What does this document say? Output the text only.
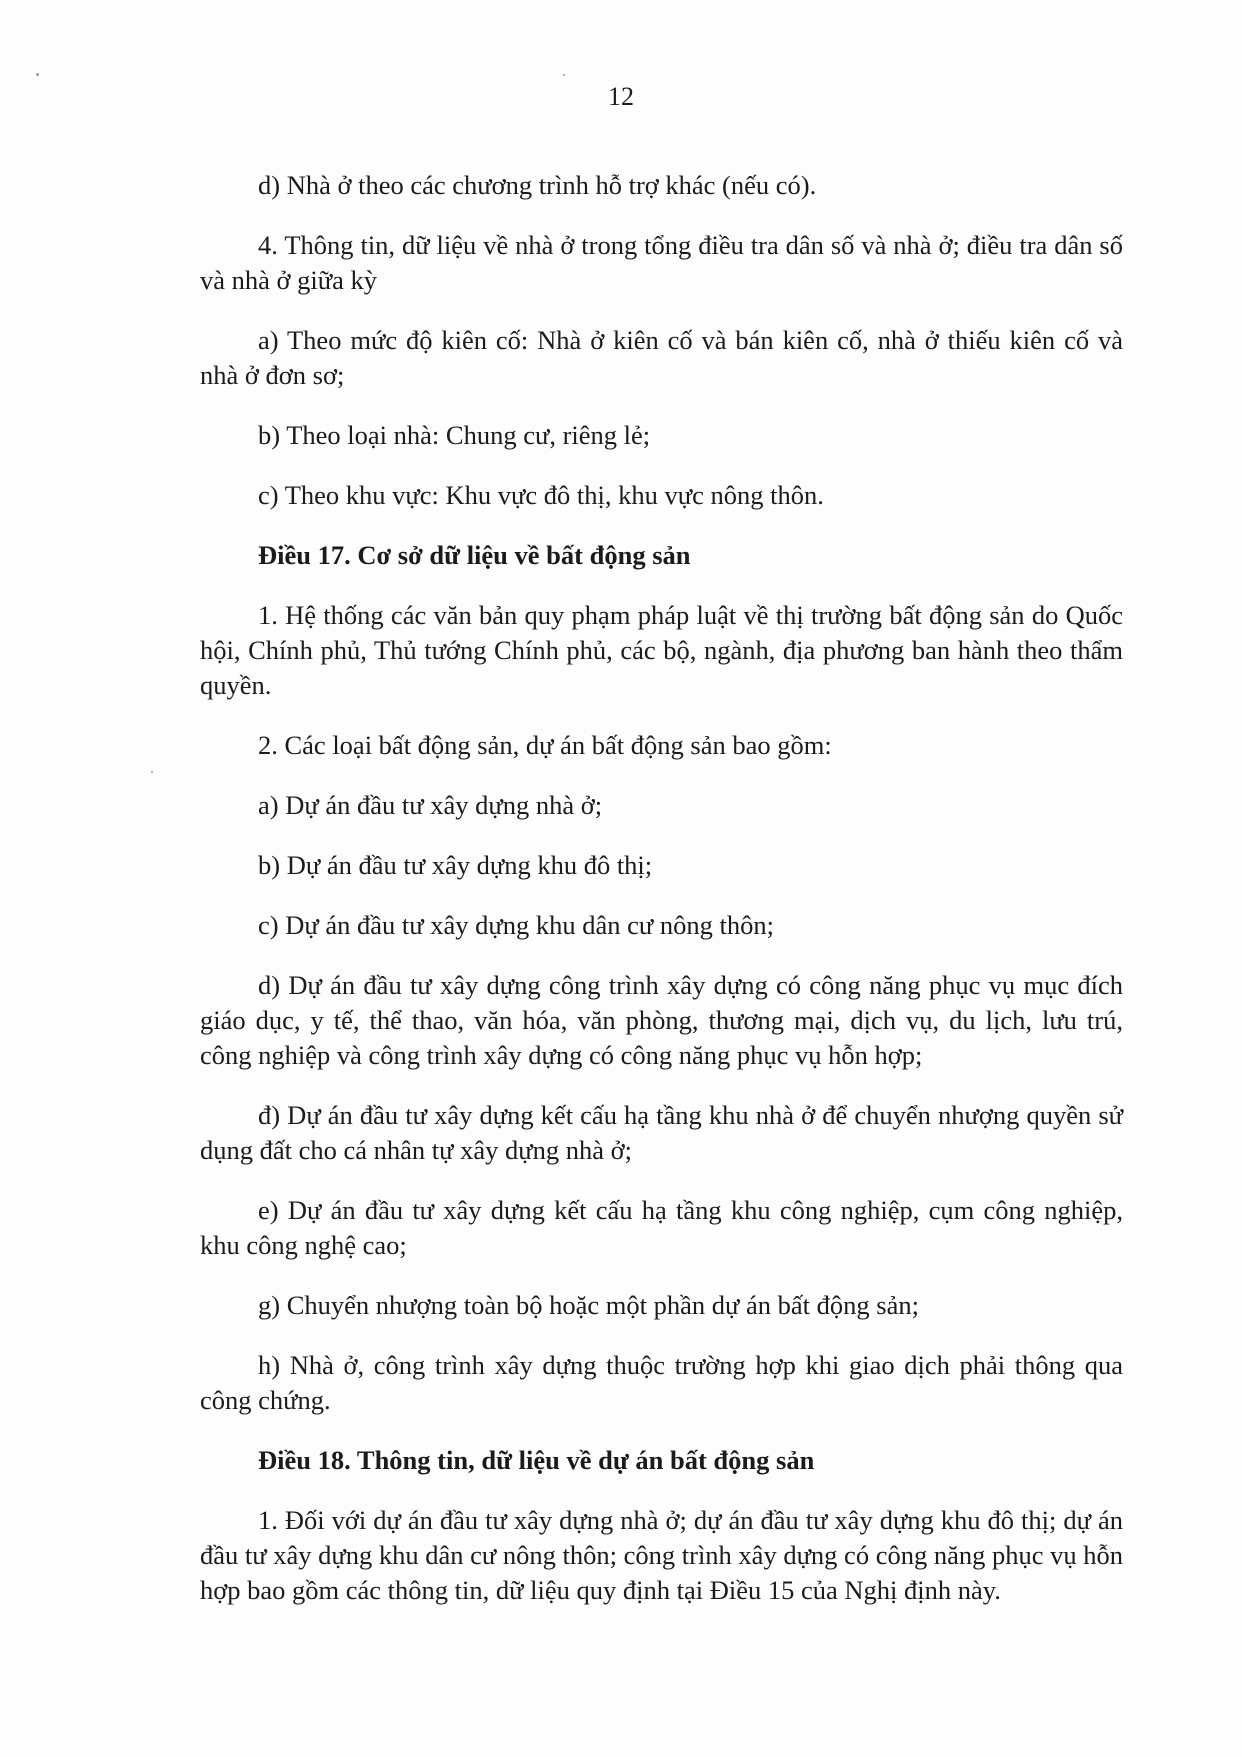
12

d) Nhà ở theo các chương trình hỗ trợ khác (nếu có).

4. Thông tin, dữ liệu về nhà ở trong tổng điều tra dân số và nhà ở; điều tra dân số và nhà ở giữa kỳ

a) Theo mức độ kiên cố: Nhà ở kiên cố và bán kiên cố, nhà ở thiếu kiên cố và nhà ở đơn sơ;

b) Theo loại nhà: Chung cư, riêng lẻ;

c) Theo khu vực: Khu vực đô thị, khu vực nông thôn.

Điều 17. Cơ sở dữ liệu về bất động sản

1. Hệ thống các văn bản quy phạm pháp luật về thị trường bất động sản do Quốc hội, Chính phủ, Thủ tướng Chính phủ, các bộ, ngành, địa phương ban hành theo thẩm quyền.

2. Các loại bất động sản, dự án bất động sản bao gồm:

a) Dự án đầu tư xây dựng nhà ở;

b) Dự án đầu tư xây dựng khu đô thị;

c) Dự án đầu tư xây dựng khu dân cư nông thôn;

d) Dự án đầu tư xây dựng công trình xây dựng có công năng phục vụ mục đích giáo dục, y tế, thể thao, văn hóa, văn phòng, thương mại, dịch vụ, du lịch, lưu trú, công nghiệp và công trình xây dựng có công năng phục vụ hỗn hợp;

đ) Dự án đầu tư xây dựng kết cấu hạ tầng khu nhà ở để chuyển nhượng quyền sử dụng đất cho cá nhân tự xây dựng nhà ở;

e) Dự án đầu tư xây dựng kết cấu hạ tầng khu công nghiệp, cụm công nghiệp, khu công nghệ cao;

g) Chuyển nhượng toàn bộ hoặc một phần dự án bất động sản;

h) Nhà ở, công trình xây dựng thuộc trường hợp khi giao dịch phải thông qua công chứng.

Điều 18. Thông tin, dữ liệu về dự án bất động sản

1. Đối với dự án đầu tư xây dựng nhà ở; dự án đầu tư xây dựng khu đô thị; dự án đầu tư xây dựng khu dân cư nông thôn; công trình xây dựng có công năng phục vụ hỗn hợp bao gồm các thông tin, dữ liệu quy định tại Điều 15 của Nghị định này.
